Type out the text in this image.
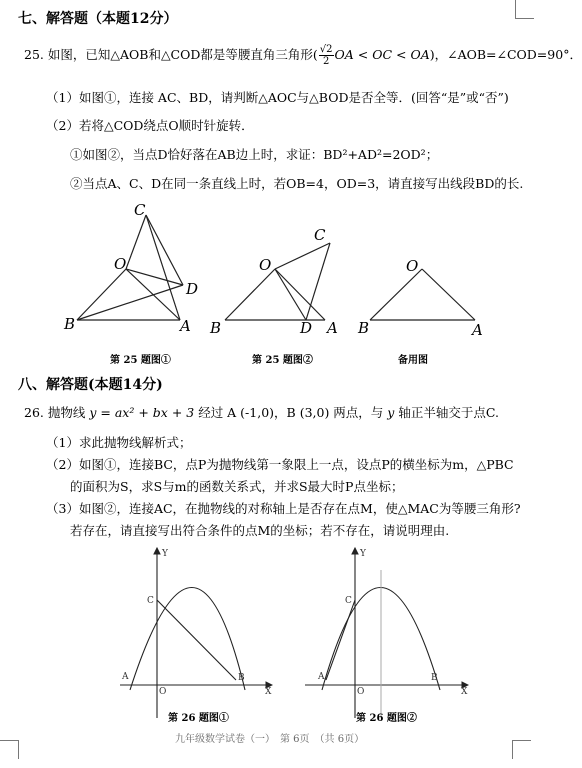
七、解答题（本题12分）
25. 如图，已知△AOB和△COD都是等腰直角三角形( $\frac{√2}{2}OA$ < OC < OA)，∠AOB=∠COD=90°．
（1）如图①，连接 AC、BD，请判断△AOC与△BOD是否全等．(回答“是”或“否”)
（2）若将△COD绕点O顺时针旋转．
①如图②，当点D恰好落在AB边上时，求证：BD²+AD²=2OD²；
②当点A、C、D在同一条直线上时，若OB=4，OD=3，请直接写出线段BD的长.
C
O
D
B	A
C
O
D
B	A
O
B	A
第 25 题图①	第 25 题图②	备用图
八、解答题(本题14分)
26. 抛物线 y = ax² + bx + 3 经过 A (-1,0)，B (3,0) 两点，与 y 轴正半轴交于点C.
（1）求此抛物线解析式；
（2）如图①，连接BC，点P为抛物线第一象限上一点，设点P的横坐标为m，△PBC
的面积为S，求S与m的函数关系式，并求S最大时P点坐标；
（3）如图②，连接AC，在抛物线的对称轴上是否存在点M，使△MAC为等腰三角形?
若存在，请直接写出符合条件的点M的坐标；若不存在，请说明理由.
Y
X
C
A
O
B
Y
X
C
A
O
B
第 26 题图①	第 26 题图②
九年级数学试卷（一）　第 6页　（共 6页）
